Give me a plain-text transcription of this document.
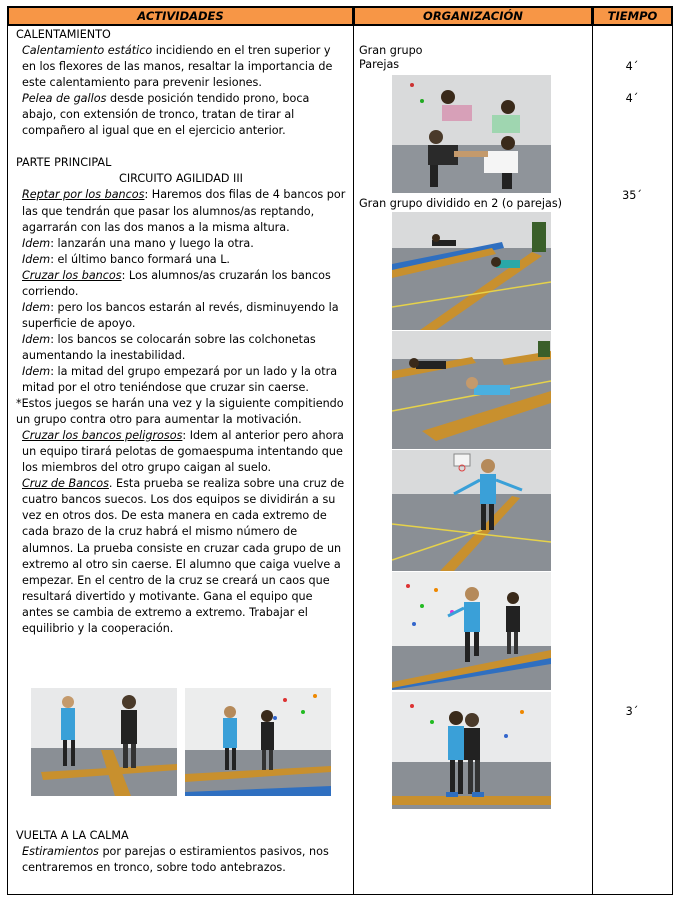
ACTIVIDADES	ORGANIZACIÓN	TIEMPO

CALENTAMIENTO

Calentamiento estático incidiendo en el tren superior y en los flexores de las manos, resaltar la importancia de este calentamiento para prevenir lesiones.

Pelea de gallos desde posición tendido prono, boca abajo, con extensión de tronco, tratan de tirar al compañero al igual que en el ejercicio anterior.

PARTE PRINCIPAL

CIRCUITO AGILIDAD III

Reptar por los bancos: Haremos dos filas de 4 bancos por las que tendrán que pasar los alumnos/as reptando, agarrarán con las dos manos a la misma altura.

Idem: lanzarán una mano y luego la otra.

Idem: el último banco formará una L.

Cruzar los bancos: Los alumnos/as cruzarán los bancos corriendo.

Idem: pero los bancos estarán al revés, disminuyendo la superficie de apoyo.

Idem: los bancos se colocarán sobre las colchonetas aumentando la inestabilidad.

Idem: la mitad del grupo empezará por un lado y la otra mitad por el otro teniéndose que cruzar sin caerse.

*Estos juegos se harán una vez y la siguiente compitiendo un grupo contra otro para aumentar la motivación.

Cruzar los bancos peligrosos: Idem al anterior pero ahora un equipo tirará pelotas de gomaespuma intentando que los miembros del otro grupo caigan al suelo.

Cruz de Bancos. Esta prueba se realiza sobre una cruz de cuatro bancos suecos. Los dos equipos se dividirán a su vez en otros dos. De esta manera en cada extremo de cada brazo de la cruz habrá el mismo número de alumnos. La prueba consiste en cruzar cada grupo de un extremo al otro sin caerse. El alumno que caiga vuelve a empezar. En el centro de la cruz se creará un caos que resultará divertido y motivante. Gana el equipo que antes se cambia de extremo a extremo. Trabajar el equilibrio y la cooperación.

VUELTA A LA CALMA

Estiramientos por parejas o estiramientos pasivos, nos centraremos en tronco, sobre todo antebrazos.

Gran grupo
Parejas
Gran grupo dividido en 2 (o parejas)
4´
4´
35´
3´
